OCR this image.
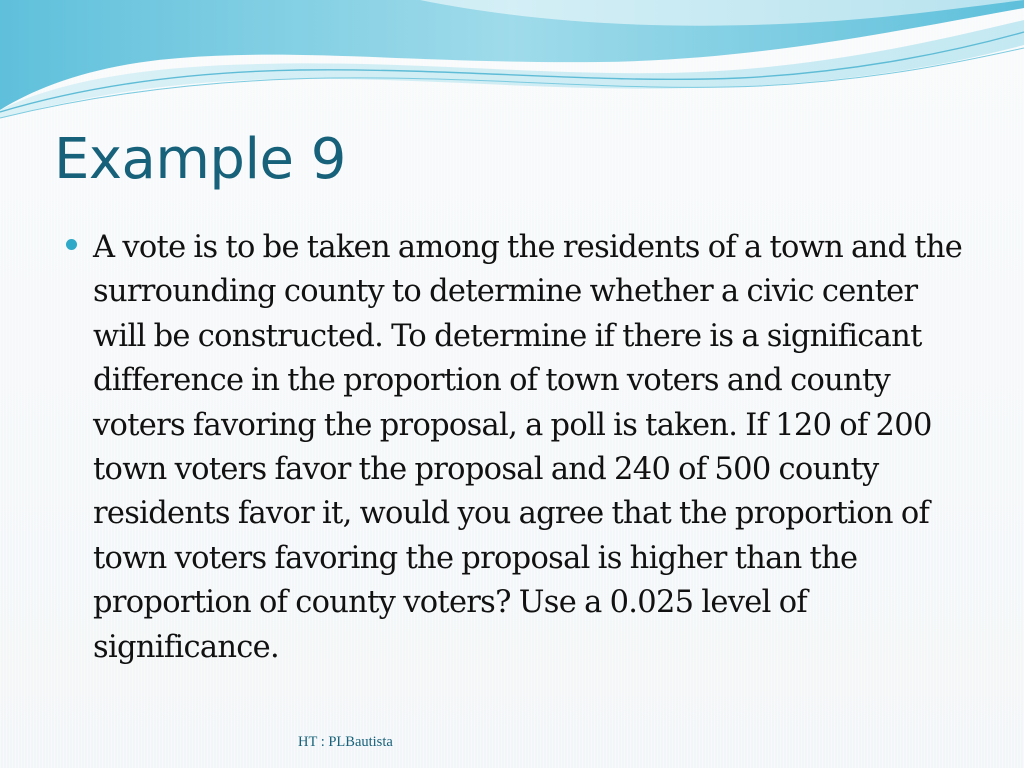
Example 9
A vote is to be taken among the residents of a town and the surrounding county to determine whether a civic center will be constructed. To determine if there is a significant difference in the proportion of town voters and county voters favoring the proposal, a poll is taken. If 120 of 200 town voters favor the proposal and 240 of 500 county residents favor it, would you agree that the proportion of town voters favoring the proposal is higher than the proportion of county voters? Use a 0.025 level of significance.
HT : PLBautista
